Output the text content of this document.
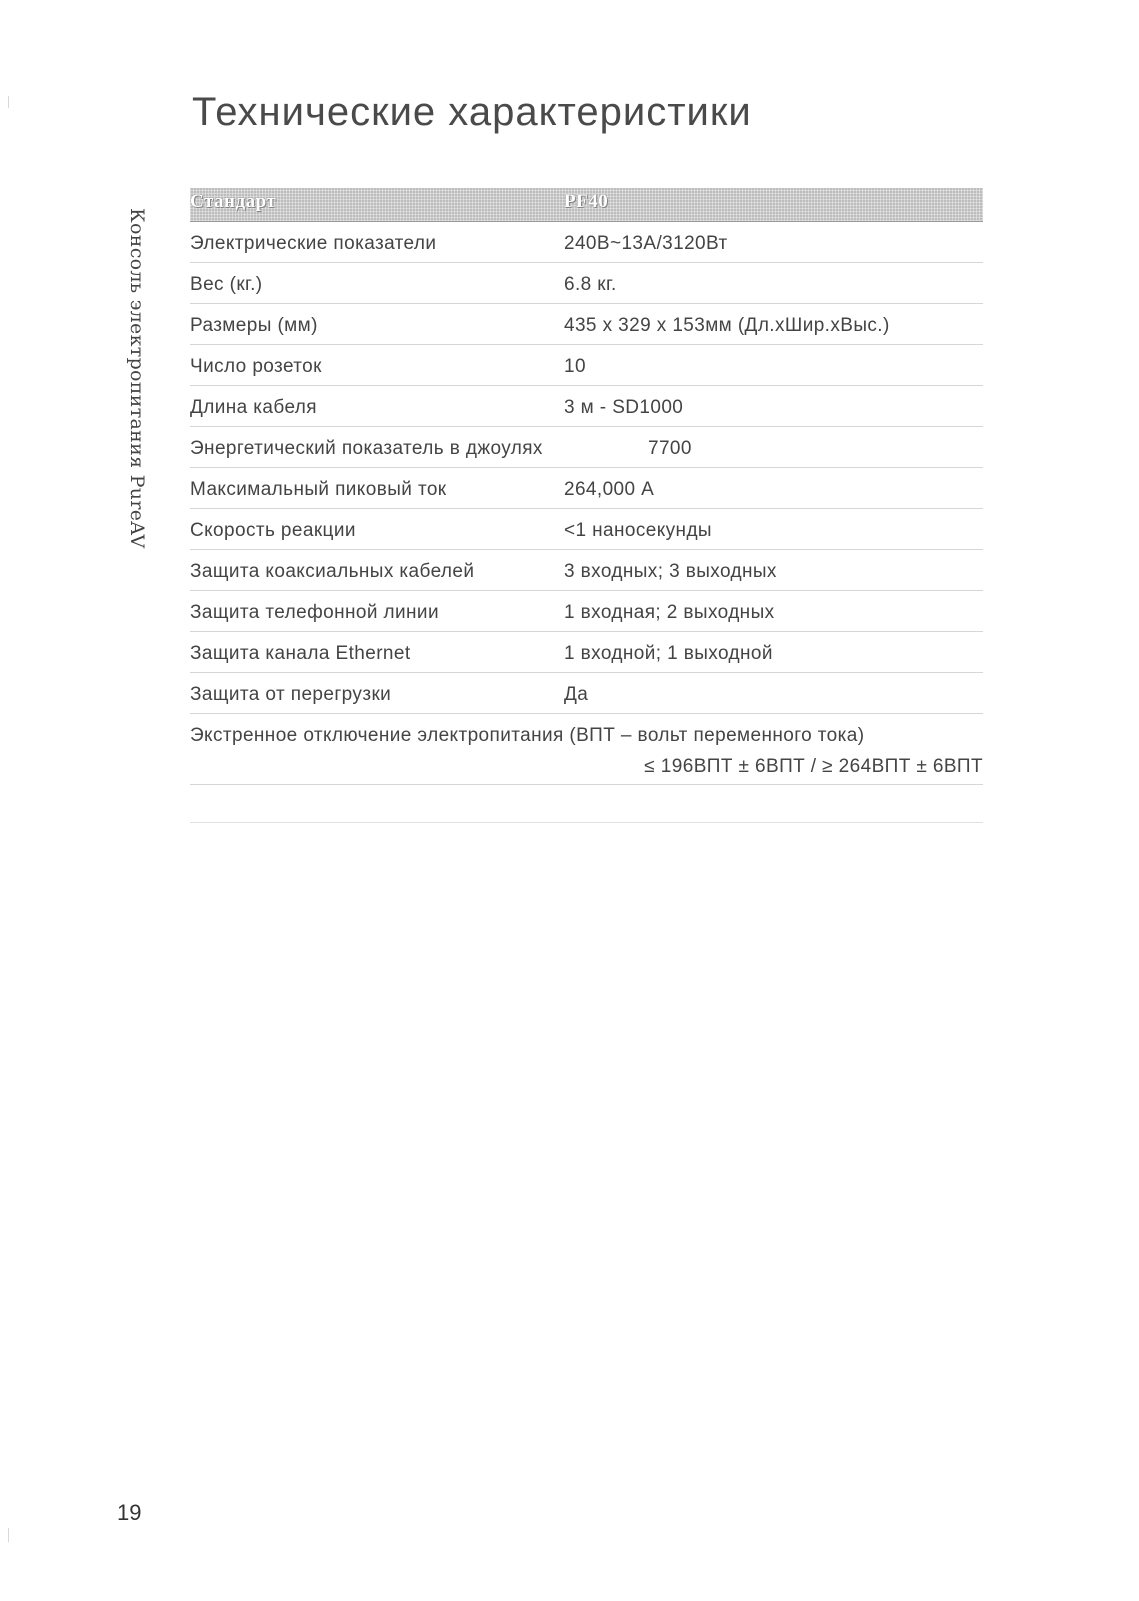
Технические характеристики
Консоль электропитания PureAV
Стандарт	PF40
Электрические показатели	240В~13А/3120Вт
Вес (кг.)	6.8 кг.
Размеры (мм)	435 x 329 x 153мм (Дл.хШир.хВыс.)
Число розеток	10
Длина кабеля	3 м - SD1000
Энергетический показатель в джоулях	7700
Максимальный пиковый ток	264,000 А
Скорость реакции	<1 наносекунды
Защита коаксиальных кабелей	3 входных; 3 выходных
Защита телефонной линии	1 входная; 2 выходных
Защита канала Ethernet	1 входной; 1 выходной
Защита от перегрузки	Да
Экстренное отключение электропитания (ВПТ – вольт переменного тока)
≤ 196ВПТ ± 6ВПТ / ≥ 264ВПТ ± 6ВПТ
19
